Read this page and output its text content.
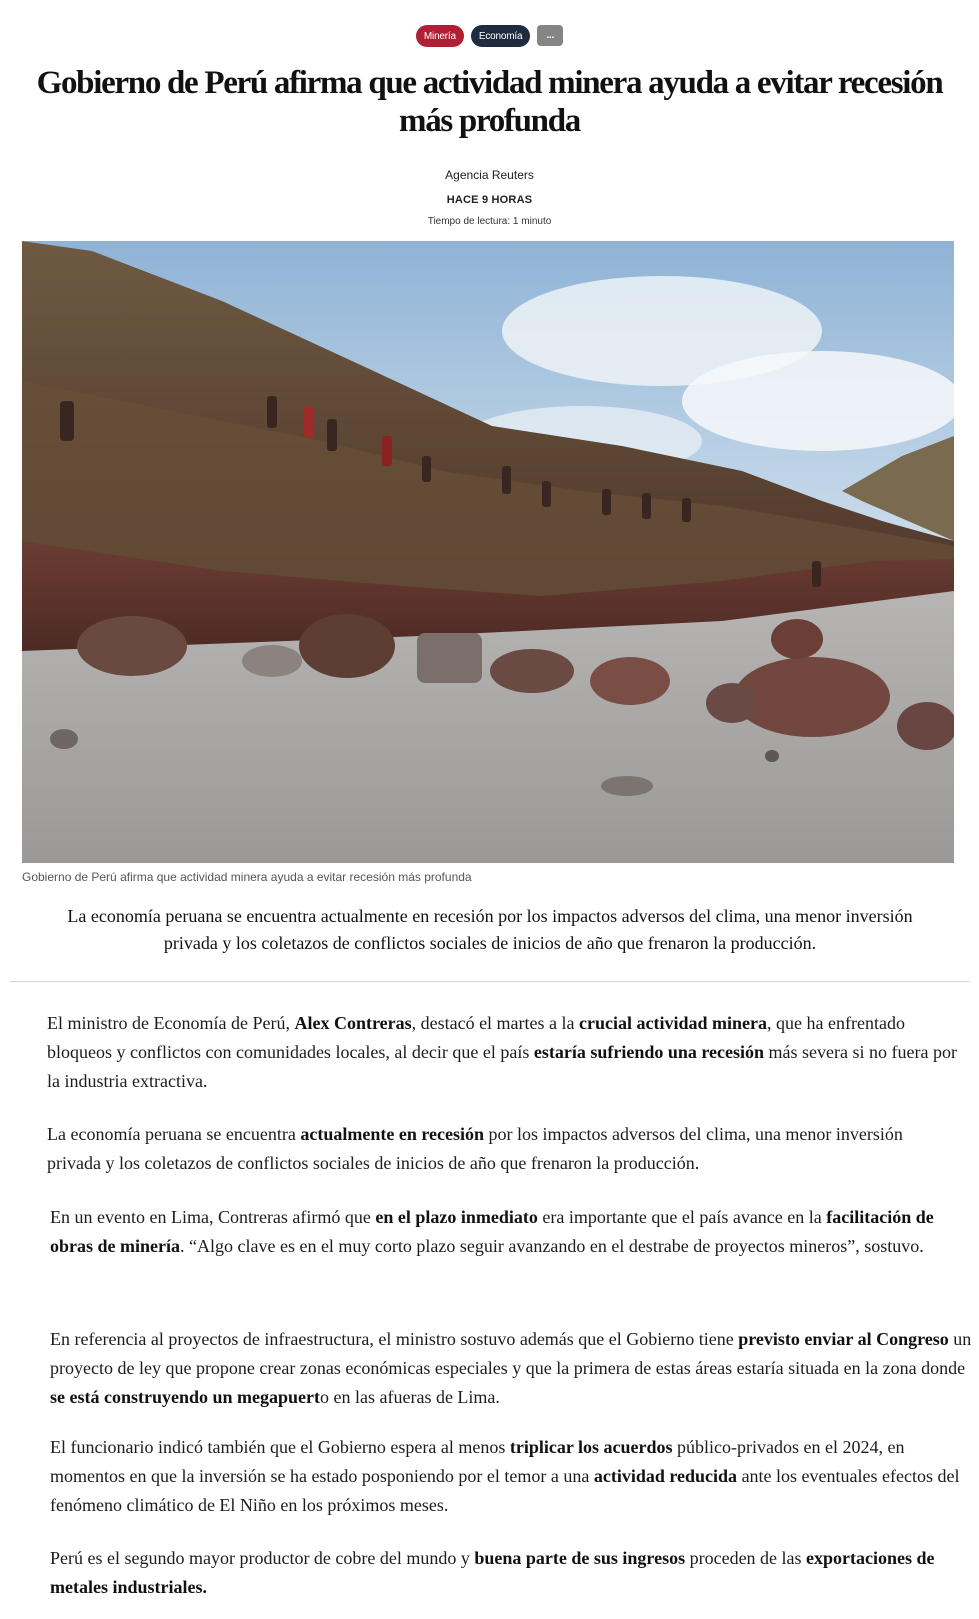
Minería	Economía	...
Gobierno de Perú afirma que actividad minera ayuda a evitar recesión más profunda
Agencia Reuters
HACE 9 HORAS
Tiempo de lectura: 1 minuto
Gobierno de Perú afirma que actividad minera ayuda a evitar recesión más profunda

La economía peruana se encuentra actualmente en recesión por los impactos adversos del clima, una menor inversión privada y los coletazos de conflictos sociales de inicios de año que frenaron la producción.

El ministro de Economía de Perú, Alex Contreras, destacó el martes a la crucial actividad minera, que ha enfrentado bloqueos y conflictos con comunidades locales, al decir que el país estaría sufriendo una recesión más severa si no fuera por la industria extractiva.

La economía peruana se encuentra actualmente en recesión por los impactos adversos del clima, una menor inversión privada y los coletazos de conflictos sociales de inicios de año que frenaron la producción.

En un evento en Lima, Contreras afirmó que en el plazo inmediato era importante que el país avance en la facilitación de obras de minería. “Algo clave es en el muy corto plazo seguir avanzando en el destrabe de proyectos mineros”, sostuvo.

En referencia al proyectos de infraestructura, el ministro sostuvo además que el Gobierno tiene previsto enviar al Congreso un proyecto de ley que propone crear zonas económicas especiales y que la primera de estas áreas estaría situada en la zona donde se está construyendo un megapuerto en las afueras de Lima.

El funcionario indicó también que el Gobierno espera al menos triplicar los acuerdos público-privados en el 2024, en momentos en que la inversión se ha estado posponiendo por el temor a una actividad reducida ante los eventuales efectos del fenómeno climático de El Niño en los próximos meses.

Perú es el segundo mayor productor de cobre del mundo y buena parte de sus ingresos proceden de las exportaciones de metales industriales.
